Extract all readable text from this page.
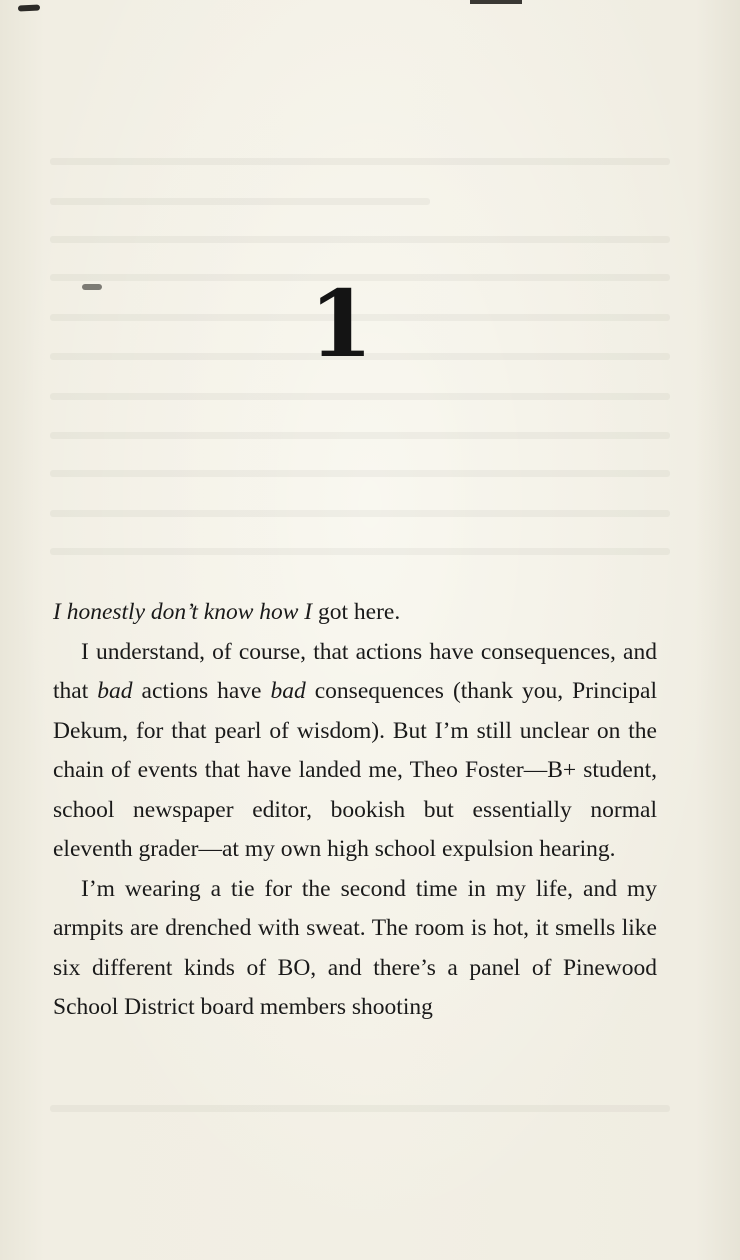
1

I honestly don’t know how I got here.

I understand, of course, that actions have consequences, and that bad actions have bad consequences (thank you, Principal Dekum, for that pearl of wisdom). But I’m still unclear on the chain of events that have landed me, Theo Foster—B+ student, school newspaper editor, bookish but essentially normal eleventh grader—at my own high school expulsion hearing.

I’m wearing a tie for the second time in my life, and my armpits are drenched with sweat. The room is hot, it smells like six different kinds of BO, and there’s a panel of Pinewood School District board members shooting
